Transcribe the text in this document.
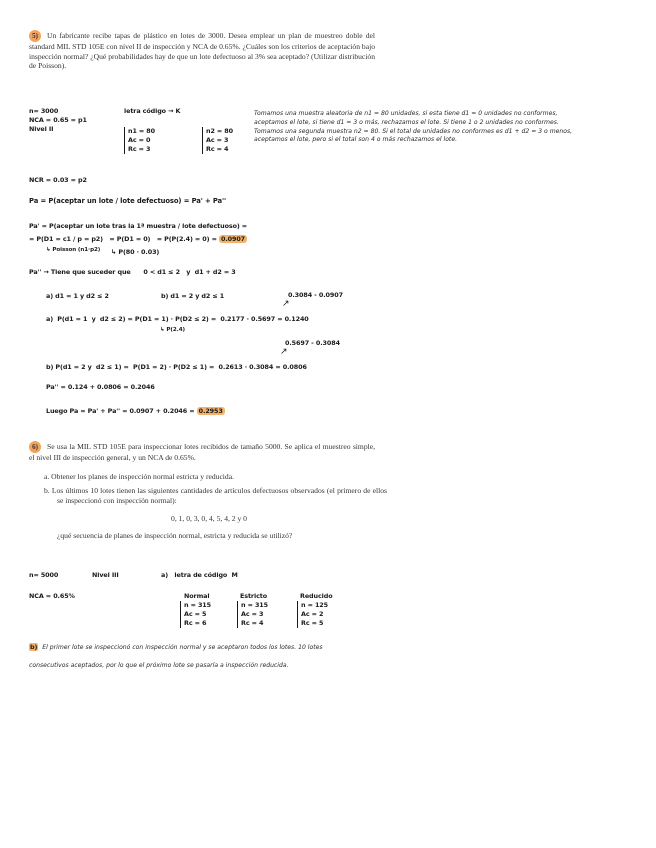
5) Un fabricante recibe tapas de plástico en lotes de 3000. Desea emplear un plan de muestreo doble del standard MIL STD 105E con nivel II de inspección y NCA de 0.65%. ¿Cuáles son los criterios de aceptación bajo inspección normal? ¿Qué probabilidades hay de que un lote defectuoso al 3% sea aceptado? (Utilizar distribución de Poisson).
n= 3000
NCA = 0.65 = p1
Nivel II
letra código → K
n1 = 80
Ac = 0
Rc = 3
n2 = 80
Ac = 3
Rc = 4
Tomamos una muestra aleatoria de n1 = 80 unidades, si esta tiene d1 = 0 unidades no conformes, aceptamos el lote, si tiene d1 = 3 o más, rechazamos el lote. Si tiene 1 o 2 unidades no conformes. Tomamos una segunda muestra n2 = 80. Si el total de unidades no conformes es d1 + d2 = 3 o menos, aceptamos el lote, pero si el total son 4 o más rechazamos el lote.
NCR = 0.03 = p2
Pa = P(aceptar un lote / lote defectuoso) = Pa' + Pa''
Pa' = P(aceptar un lote tras la 1ª muestra / lote defectuoso) =
= P(D1 = c1 / p = p2) = P(D1 = 0) = P(P(2.4) = 0) = 0.0907
↳ Poisson (n1·p2) ↳ P(80 · 0.03)
Pa'' → Tiene que suceder que      0 < d1 ≤ 2   y  d1 + d2 = 3
a) d1 = 1 y d2 ≤ 2	b) d1 = 2 y d2 ≤ 1	0.3084 - 0.0907
↗
a)  P(d1 = 1  y  d2 ≤ 2) = P(D1 = 1) · P(D2 ≤ 2) =  0.2177 · 0.5697 = 0.1240
↳ P(2.4)
0.5697 - 0.3084
↗
b) P(d1 = 2 y  d2 ≤ 1) =  P(D1 = 2) · P(D2 ≤ 1) =  0.2613 · 0.3084 = 0.0806
Pa'' = 0.124 + 0.0806 = 0.2046
Luego Pa = Pa' + Pa'' = 0.0907 + 0.2046 = 0.2953
6) Se usa la MIL STD 105E para inspeccionar lotes recibidos de tamaño 5000. Se aplica el muestreo simple, el nivel III de inspección general, y un NCA de 0.65%.
a. Obtener los planes de inspección normal estricta y reducida.
b. Los últimos 10 lotes tienen las siguientes cantidades de artículos defectuosos observados (el primero de ellos se inspeccionó con inspección normal):
0, 1, 0, 3, 0, 4, 5, 4, 2 y 0
¿qué secuencia de planes de inspección normal, estricta y reducida se utilizó?
n= 5000	Nivel III	a)   letra de código  M
NCA = 0.65%	Normal
n = 315
Ac = 5
Rc = 6
Estricto
n = 315
Ac = 3
Rc = 4
Reducido
n = 125
Ac = 2
Rc = 5
b) El primer lote se inspeccionó con inspección normal y se aceptaron todos los lotes. 10 lotes consecutivos aceptados, por lo que el próximo lote se pasaría a inspección reducida.
